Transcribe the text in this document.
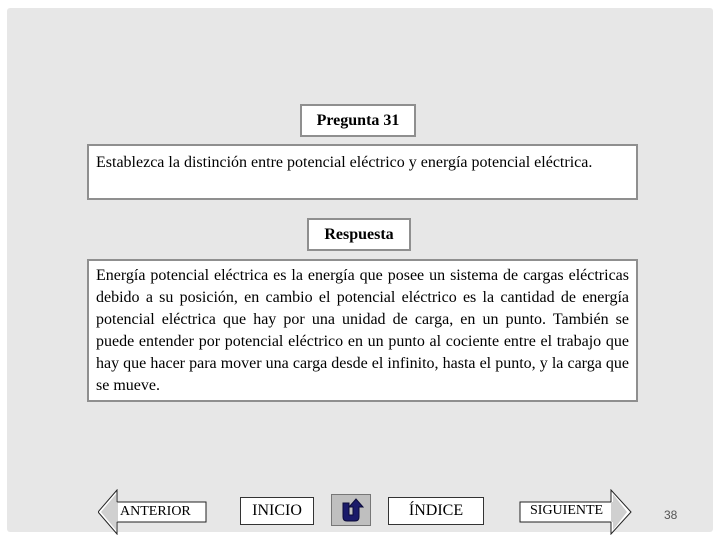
Pregunta 31
Establezca la distinción entre potencial eléctrico y energía potencial eléctrica.
Respuesta
Energía potencial eléctrica es la energía que posee un sistema de cargas eléctricas debido a su posición, en cambio el potencial eléctrico es la cantidad de energía potencial eléctrica que hay por una unidad de carga, en un punto. También se puede entender por potencial eléctrico en un punto al cociente entre el trabajo que hay que hacer para mover una carga desde el infinito, hasta el punto, y la carga que se mueve.
ANTERIOR	INICIO	ÍNDICE	SIGUIENTE	38
